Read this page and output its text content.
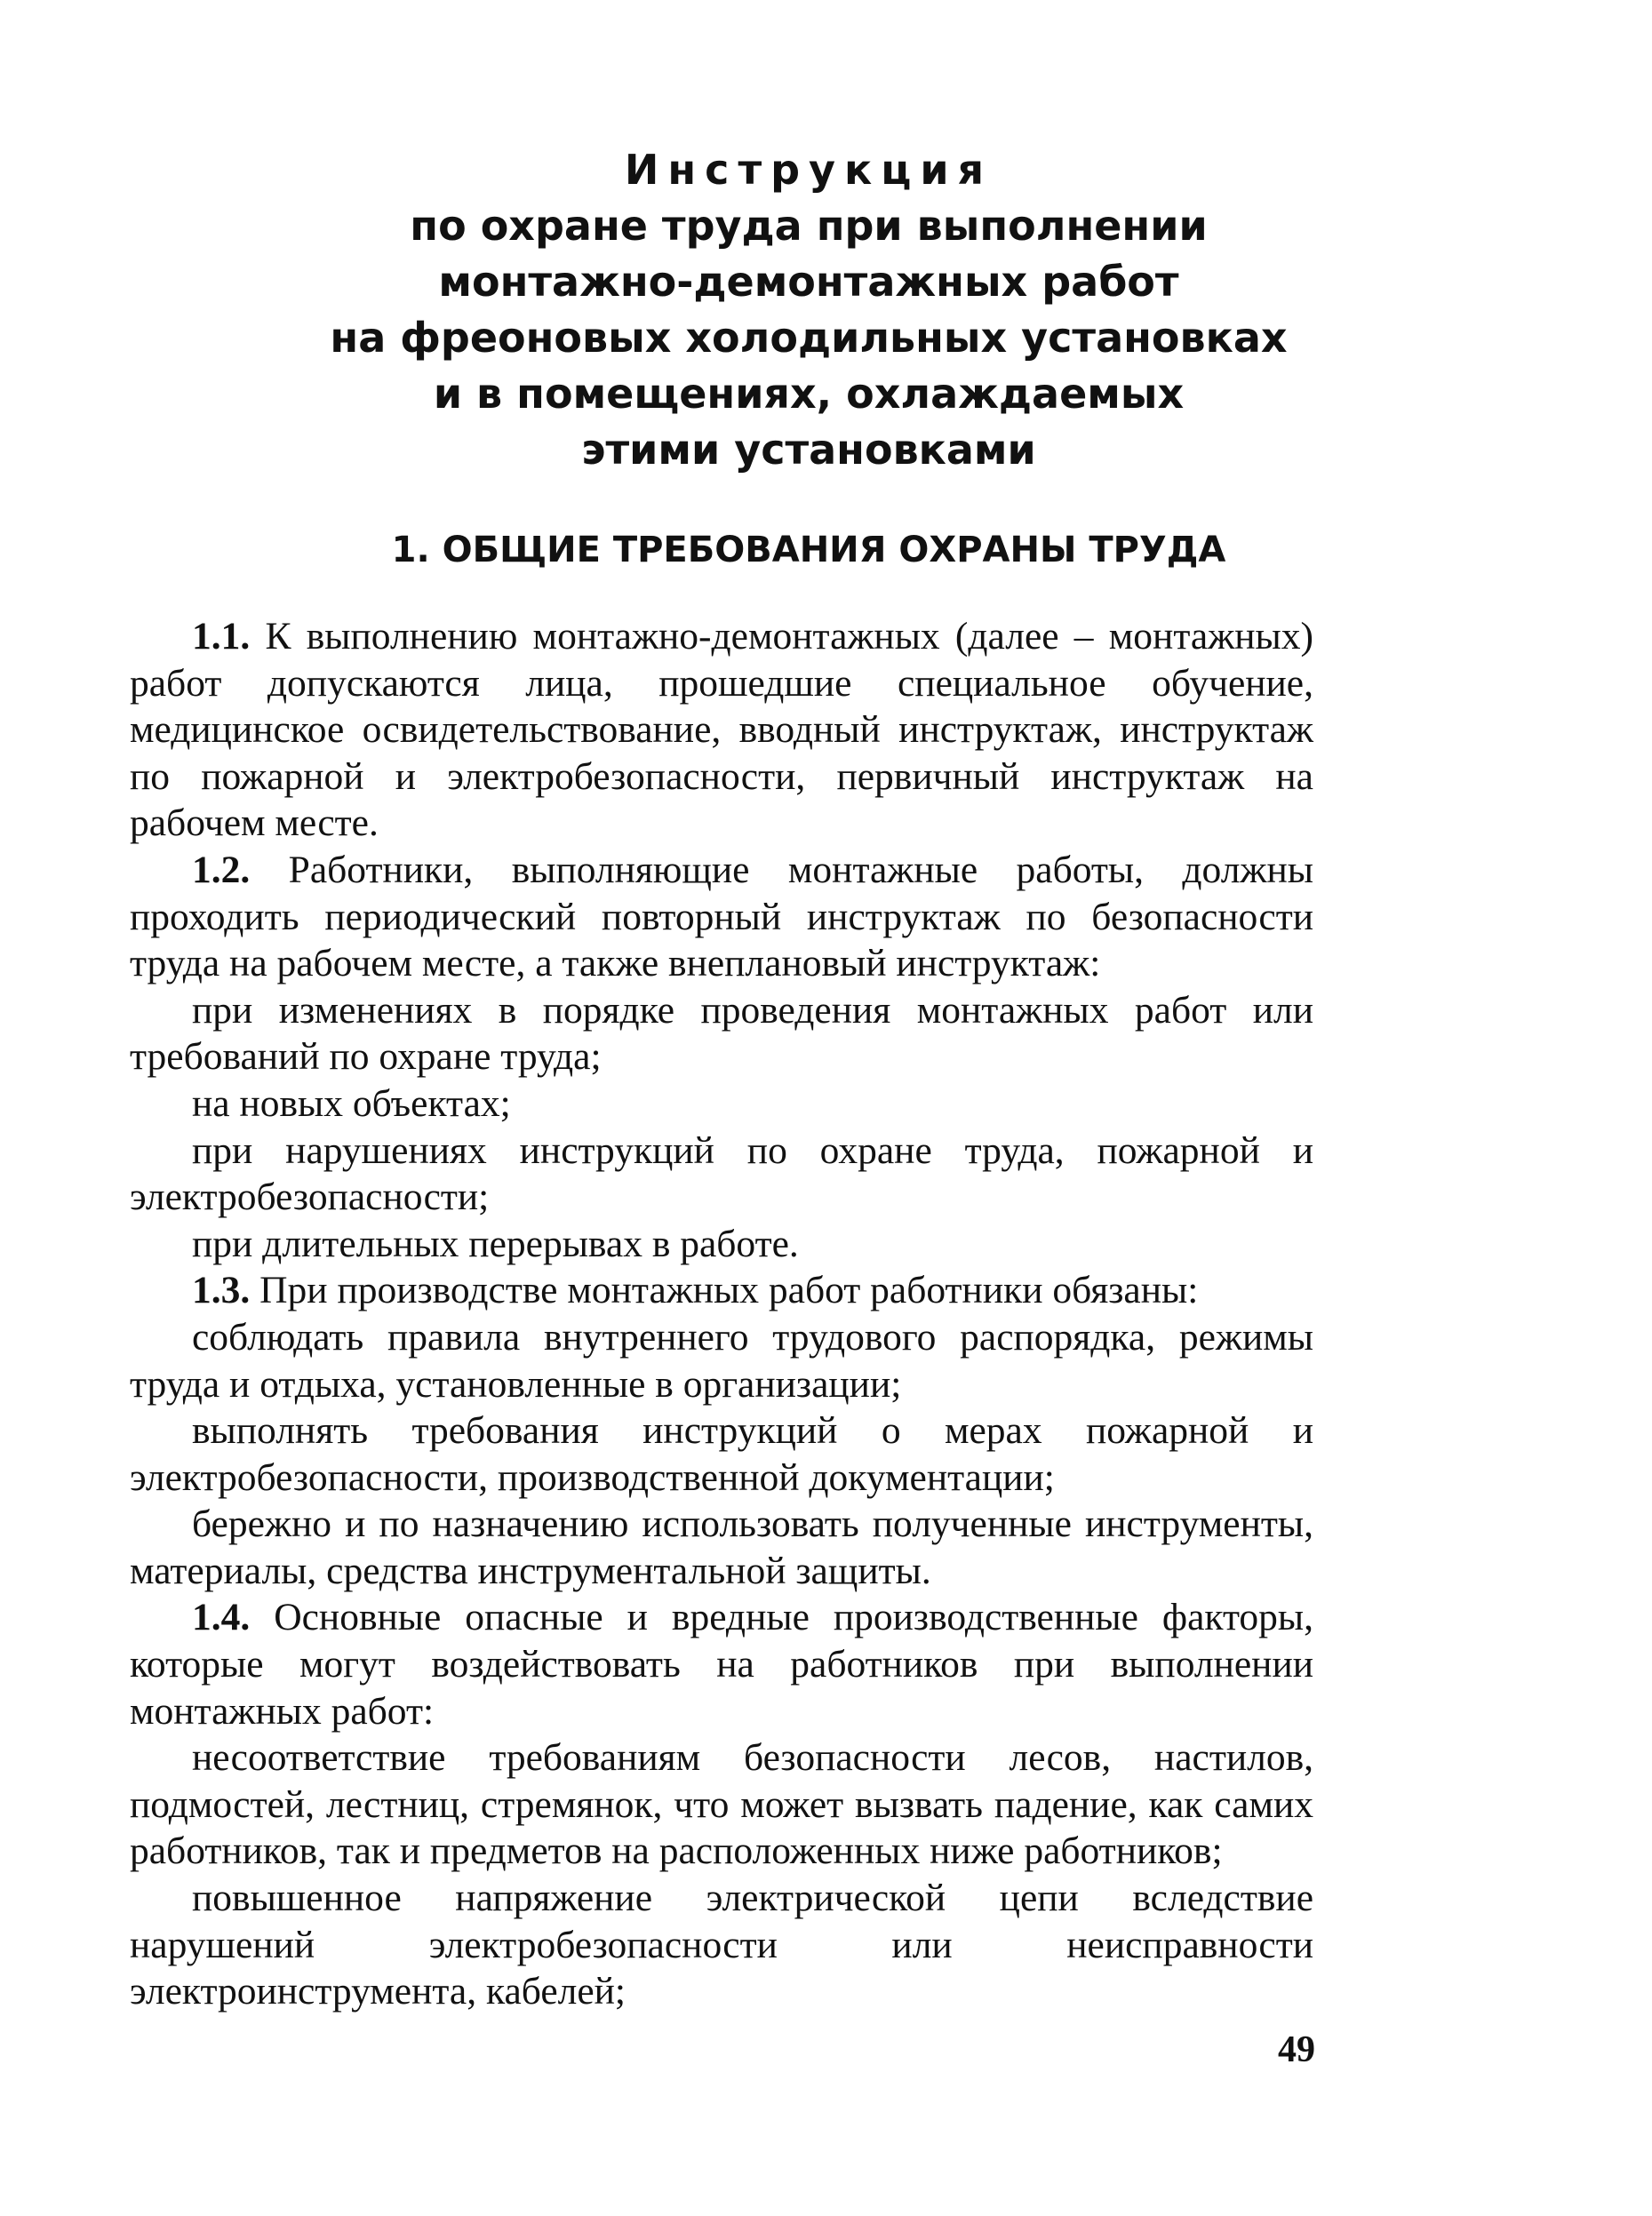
Инструкция
по охране труда при выполнении
монтажно-демонтажных работ
на фреоновых холодильных установках
и в помещениях, охлаждаемых
этими установками
1. ОБЩИЕ ТРЕБОВАНИЯ ОХРАНЫ ТРУДА

1.1. К выполнению монтажно-демонтажных (далее – монтажных) работ допускаются лица, прошедшие специальное обучение, медицинское освидетельствование, вводный инструктаж, инструктаж по пожарной и электробезопасности, первичный инструктаж на рабочем месте.

1.2. Работники, выполняющие монтажные работы, должны проходить периодический повторный инструктаж по безопасности труда на рабочем месте, а также внеплановый инструктаж:

при изменениях в порядке проведения монтажных работ или требований по охране труда;

на новых объектах;

при нарушениях инструкций по охране труда, пожарной и электробезопасности;

при длительных перерывах в работе.

1.3. При производстве монтажных работ работники обязаны:

соблюдать правила внутреннего трудового распорядка, режимы труда и отдыха, установленные в организации;

выполнять требования инструкций о мерах пожарной и электробезопасности, производственной документации;

бережно и по назначению использовать полученные инструменты, материалы, средства инструментальной защиты.

1.4. Основные опасные и вредные производственные факторы, которые могут воздействовать на работников при выполнении монтажных работ:

несоответствие требованиям безопасности лесов, настилов, подмостей, лестниц, стремянок, что может вызвать падение, как самих работников, так и предметов на расположенных ниже работников;

повышенное напряжение электрической цепи вследствие нарушений электробезопасности или неисправности электроинструмента, кабелей;

49
